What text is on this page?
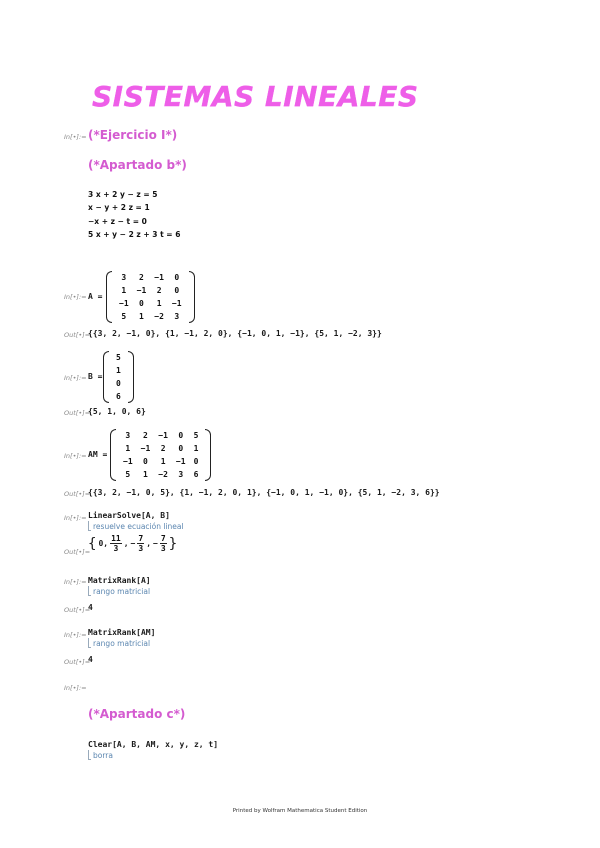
SISTEMAS LINEALES
In[•]:= (*Ejercicio I*)
(*Apartado b*)
3 x + 2 y − z = 5
x − y + 2 z = 1
−x + z − t = 0
5 x + y − 2 z + 3 t = 6
In[•]:= A =
3	2	−1	0
1	−1	2	0
−1	0	1	−1
5	1	−2	3
Out[•]=
{{3, 2, −1, 0}, {1, −1, 2, 0}, {−1, 0, 1, −1}, {5, 1, −2, 3}}
In[•]:= B =
5
1
0
6
Out[•]=
{5, 1, 0, 6}
In[•]:= AM =
3	2	−1	0	5
1	−1	2	0	1
−1	0	1	−1	0
5	1	−2	3	6
Out[•]=
{{3, 2, −1, 0, 5}, {1, −1, 2, 0, 1}, {−1, 0, 1, −1, 0}, {5, 1, −2, 3, 6}}
In[•]:= LinearSolve[A, B]
resuelve ecuación lineal
Out[•]=
{ 0, $\frac{11}{3}$ , − $\frac{7}{3}$ , − $\frac{7}{3}$ }
In[•]:= MatrixRank[A]
rango matricial
Out[•]=
4
In[•]:= MatrixRank[AM]
rango matricial
Out[•]=
4
In[•]:=
(*Apartado c*)
Clear[A, B, AM, x, y, z, t]
borra
Printed by Wolfram Mathematica Student Edition
